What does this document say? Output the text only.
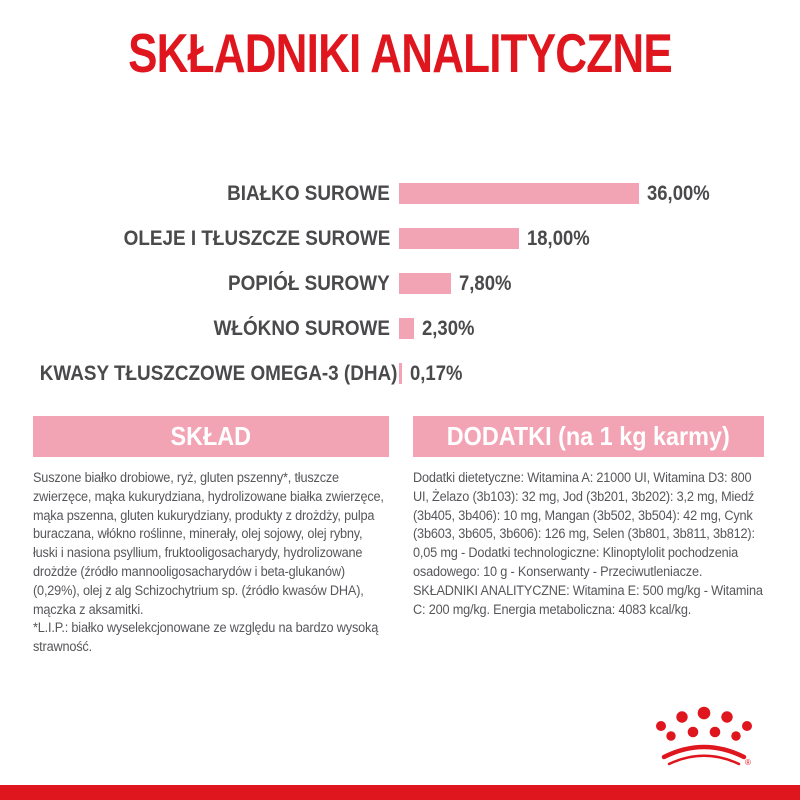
SKŁADNIKI ANALITYCZNE
BIAŁKO SUROWE	36,00%
OLEJE I TŁUSZCZE SUROWE	18,00%
POPIÓŁ SUROWY	7,80%
WŁÓKNO SUROWE	2,30%
KWASY TŁUSZCZOWE OMEGA-3 (DHA) 0,17%
SKŁAD

Suszone białko drobiowe, ryż, gluten pszenny*, tłuszcze zwierzęce, mąka kukurydziana, hydrolizowane białka zwierzęce, mąka pszenna, gluten kukurydziany, produkty z drożdży, pulpa buraczana, włókno roślinne, minerały, olej sojowy, olej rybny, łuski i nasiona psyllium, fruktooligosacharydy, hydrolizowane drożdże (źródło mannooligosacharydów i beta-glukanów) (0,29%), olej z alg Schizochytrium sp. (źródło kwasów DHA), mączka z aksamitki.

*L.I.P.: białko wyselekcjonowane ze względu na bardzo wysoką strawność.

DODATKI (na 1 kg karmy)

Dodatki dietetyczne: Witamina A: 21000 UI, Witamina D3: 800 UI, Żelazo (3b103): 32 mg, Jod (3b201, 3b202): 3,2 mg, Miedź (3b405, 3b406): 10 mg, Mangan (3b502, 3b504): 42 mg, Cynk (3b603, 3b605, 3b606): 126 mg, Selen (3b801, 3b811, 3b812): 0,05 mg - Dodatki technologiczne: Klinoptylolit pochodzenia osadowego: 10 g - Konserwanty - Przeciwutleniacze.

SKŁADNIKI ANALITYCZNE: Witamina E: 500 mg/kg - Witamina C: 200 mg/kg. Energia metaboliczna: 4083 kcal/kg.

®
